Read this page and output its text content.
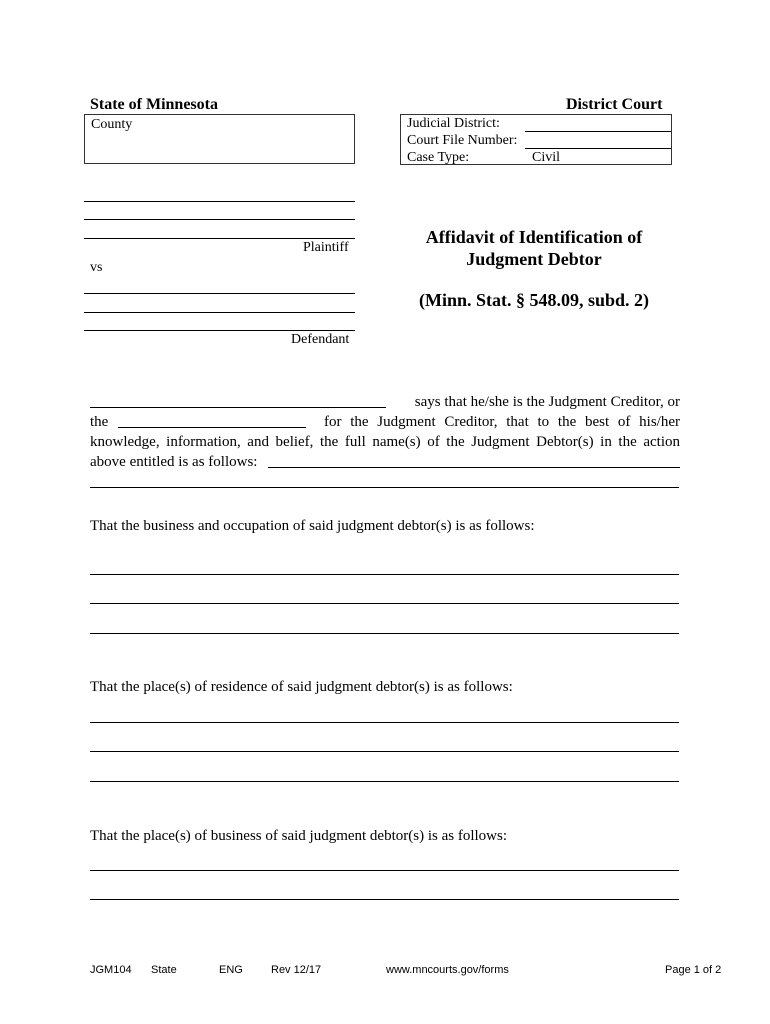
State of Minnesota	District Court
County	Judicial District:
Court File Number:
Case Type:	Civil
Plaintiff
vs
Defendant
Affidavit of Identification of
Judgment Debtor
(Minn. Stat. § 548.09, subd. 2)
says that he/she is the Judgment Creditor, or
the	for the Judgment Creditor, that to the best of his/her
knowledge, information, and belief, the full name(s) of the Judgment Debtor(s) in the action
above entitled is as follows:
That the business and occupation of said judgment debtor(s) is as follows:
That the place(s) of residence of said judgment debtor(s) is as follows:
That the place(s) of business of said judgment debtor(s) is as follows:
JGM104 State	ENG	Rev 12/17	www.mncourts.gov/forms	Page 1 of 2
